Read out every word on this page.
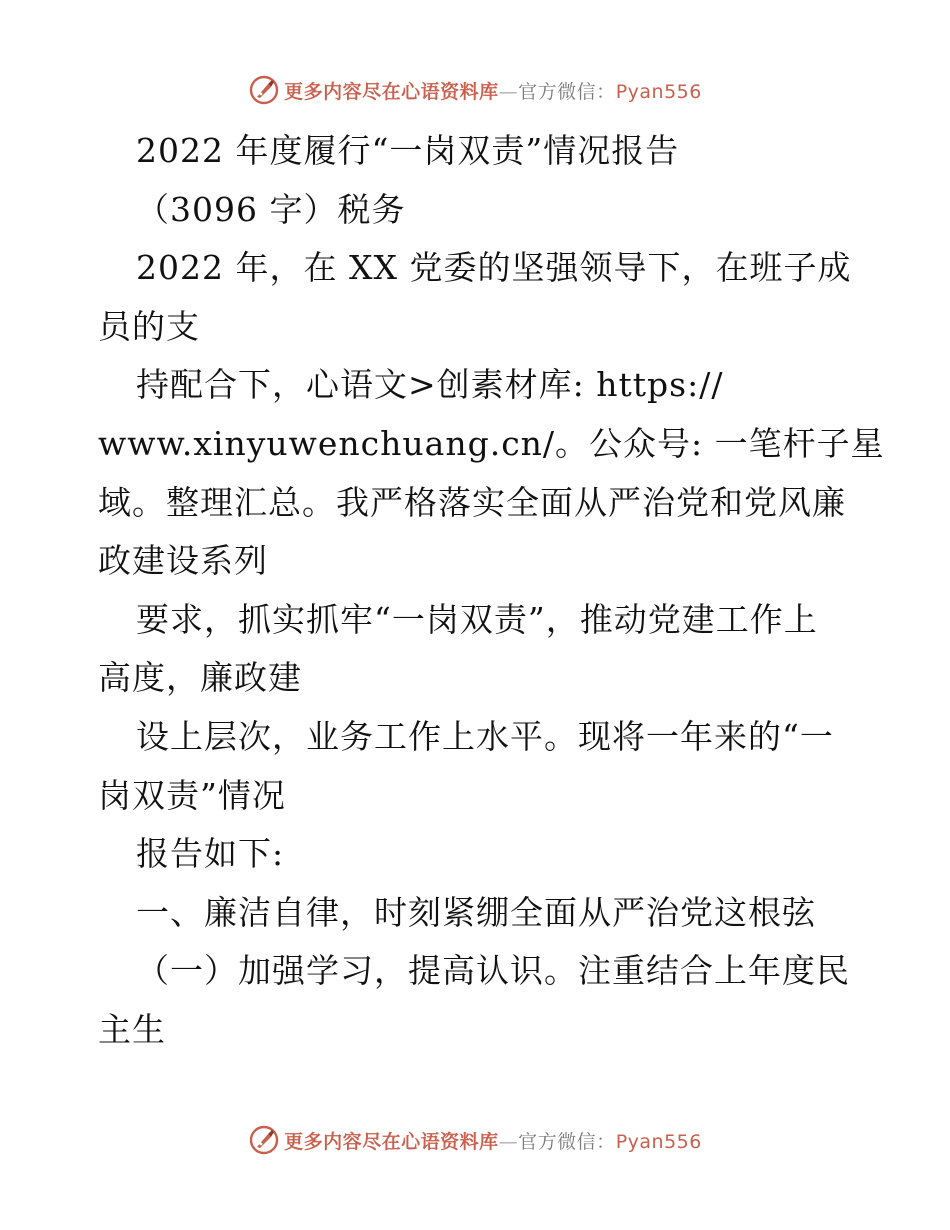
更多内容尽在心语资料库—官方微信：Pyan556
2022 年度履行“一岗双责”情况报告
（3096 字）税务
2022 年，在 XX 党委的坚强领导下，在班子成
员的支
持配合下，心语文>创素材库: https://
www.xinyuwenchuang.cn/。公众号: 一笔杆子星
域。整理汇总。我严格落实全面从严治党和党风廉
政建设系列
要求，抓实抓牢“一岗双责”，推动党建工作上
高度，廉政建
设上层次，业务工作上水平。现将一年来的“一
岗双责”情况
报告如下:
一、廉洁自律，时刻紧绷全面从严治党这根弦
（一）加强学习，提高认识。注重结合上年度民
主生
更多内容尽在心语资料库—官方微信：Pyan556
